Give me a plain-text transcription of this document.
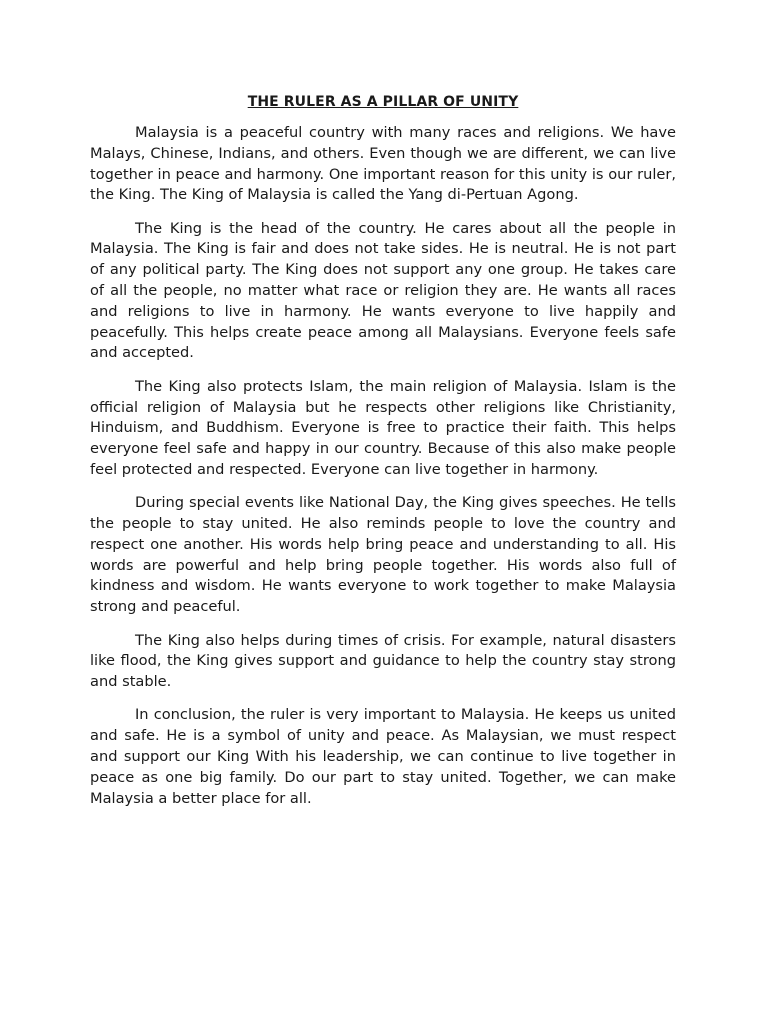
THE RULER AS A PILLAR OF UNITY

Malaysia is a peaceful country with many races and religions. We have Malays, Chinese, Indians, and others. Even though we are different, we can live together in peace and harmony. One important reason for this unity is our ruler, the King. The King of Malaysia is called the Yang di-Pertuan Agong.

The King is the head of the country. He cares about all the people in Malaysia. The King is fair and does not take sides. He is neutral. He is not part of any political party. The King does not support any one group. He takes care of all the people, no matter what race or religion they are. He wants all races and religions to live in harmony. He wants everyone to live happily and peacefully. This helps create peace among all Malaysians. Everyone feels safe and accepted.

The King also protects Islam, the main religion of Malaysia. Islam is the official religion of Malaysia but he respects other religions like Christianity, Hinduism, and Buddhism. Everyone is free to practice their faith. This helps everyone feel safe and happy in our country. Because of this also make people feel protected and respected. Everyone can live together in harmony.

During special events like National Day, the King gives speeches. He tells the people to stay united. He also reminds people to love the country and respect one another. His words help bring peace and understanding to all. His words are powerful and help bring people together. His words also full of kindness and wisdom. He wants everyone to work together to make Malaysia strong and peaceful.

The King also helps during times of crisis. For example, natural disasters like flood, the King gives support and guidance to help the country stay strong and stable.

In conclusion, the ruler is very important to Malaysia. He keeps us united and safe. He is a symbol of unity and peace. As Malaysian, we must respect and support our King With his leadership, we can continue to live together in peace as one big family. Do our part to stay united. Together, we can make Malaysia a better place for all.
